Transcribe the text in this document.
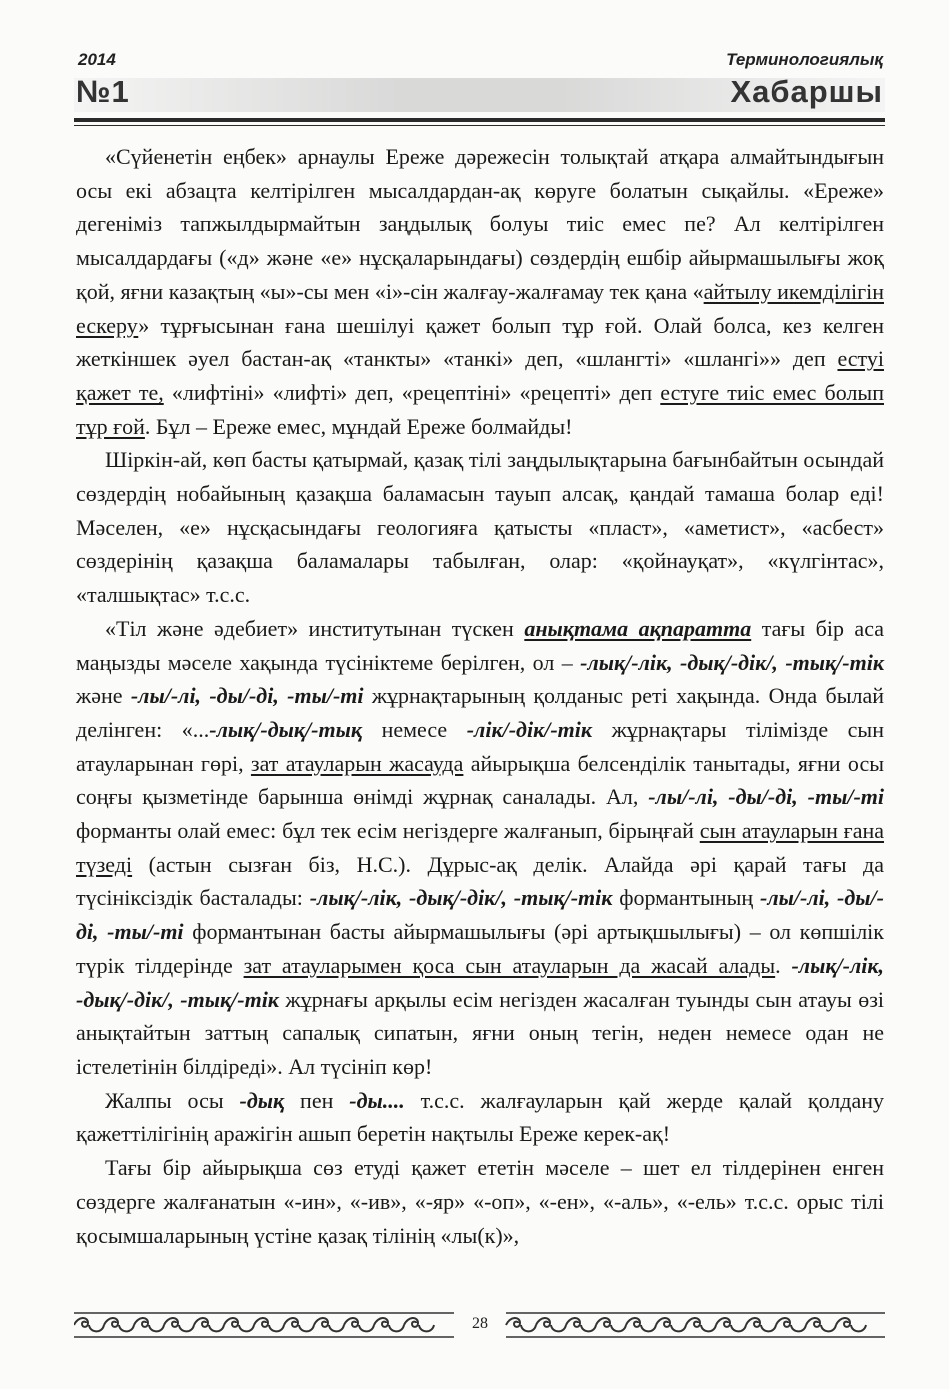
2014	Терминологиялық
№1	Хабаршы

«Сүйенетін еңбек» арнаулы Ереже дәрежесін толықтай атқара алмайтындығын осы екі абзацта келтірілген мысалдардан-ақ көруге болатын сықайлы. «Ереже» дегеніміз тапжылдырмайтын заңдылық болуы тиіс емес пе? Ал келтірілген мысалдардағы («д» және «е» нұсқаларындағы) сөздердің ешбір айырмашылығы жоқ қой, яғни казақтың «ы»-сы мен «і»-сін жалғау-жалғамау тек қана «айтылу икемділігін ескеру» тұрғысынан ғана шешілуі қажет болып тұр ғой. Олай болса, кез келген жеткіншек әуел бастан-ақ «танкты» «танкі» деп, «шлангті» «шлангі»» деп естуі қажет те, «лифтіні» «лифті» деп, «рецептіні» «рецепті» деп естуге тиіс емес болып тұр ғой. Бұл – Ереже емес, мұндай Ереже болмайды!

Шіркін-ай, көп басты қатырмай, қазақ тілі заңдылықтарына бағынбайтын осындай сөздердің нобайының қазақша баламасын тауып алсақ, қандай тамаша болар еді! Мәселен, «е» нұсқасындағы геологияға қатысты «пласт», «аметист», «асбест» сөздерінің қазақша баламалары табылған, олар: «қойнауқат», «күлгінтас», «талшықтас» т.с.с.

«Тіл және әдебиет» институтынан түскен анықтама ақпаратта тағы бір аса маңызды мәселе хақында түсініктеме берілген, ол – -лық/-лік, -дық/-дік/, -тық/-тік және -лы/-лі, -ды/-ді, -ты/-ті жұрнақтарының қолданыс реті хақында. Онда былай делінген: «...-лық/-дық/-тық немесе -лік/-дік/-тік жұрнақтары тілімізде сын атауларынан гөрі, зат атауларын жасауда айырықша белсенділік танытады, яғни осы соңғы қызметінде барынша өнімді жұрнақ саналады. Ал, -лы/-лі, -ды/-ді, -ты/-ті форманты олай емес: бұл тек есім негіздерге жалғанып, бірыңғай сын атауларын ғана түзеді (астын сызған біз, Н.С.). Дұрыс-ақ делік. Алайда әрі қарай тағы да түсініксіздік басталады: -лық/-лік, -дық/-дік/, -тық/-тік формантының -лы/-лі, -ды/-ді, -ты/-ті формантынан басты айырмашылығы (әрі артықшылығы) – ол көпшілік түрік тілдерінде зат атауларымен қоса сын атауларын да жасай алады. -лық/-лік, -дық/-дік/, -тық/-тік жұрнағы арқылы есім негізден жасалған туынды сын атауы өзі анықтайтын заттың сапалық сипатын, яғни оның тегін, неден немесе одан не істелетінін білдіреді». Ал түсініп көр!

Жалпы осы -дық пен -ды.... т.с.с. жалғауларын қай жерде қалай қолдану қажеттілігінің аражігін ашып беретін нақтылы Ереже керек-ақ!

Тағы бір айырықша сөз етуді қажет ететін мәселе – шет ел тілдерінен енген сөздерге жалғанатын «-ин», «-ив», «-яр» «-оп», «-ен», «-аль», «-ель» т.с.с. орыс тілі қосымшаларының үстіне қазақ тілінің «лы(к)»,

28
